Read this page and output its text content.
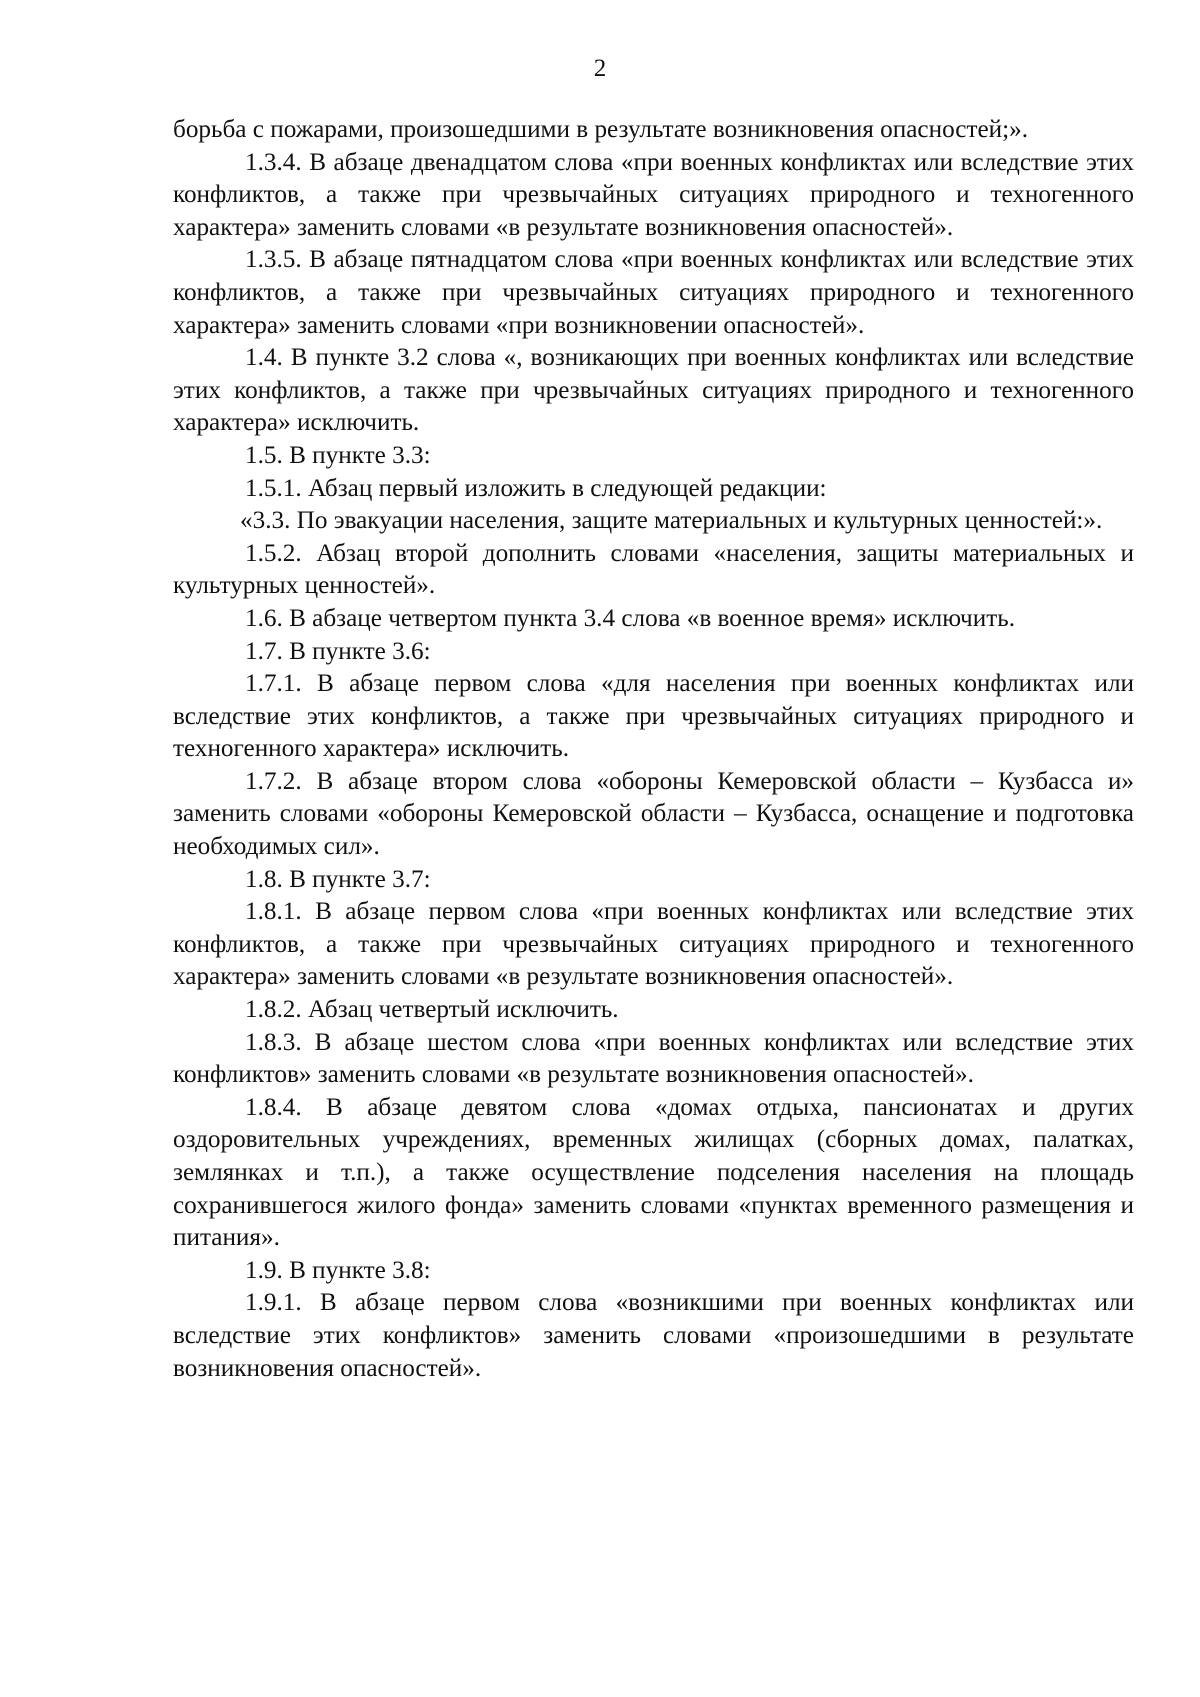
2

борьба с пожарами, произошедшими в результате возникновения опасностей;».

1.3.4. В абзаце двенадцатом слова «при военных конфликтах или вследствие этих конфликтов, а также при чрезвычайных ситуациях природного и техногенного характера» заменить словами «в результате возникновения опасностей».

1.3.5. В абзаце пятнадцатом слова «при военных конфликтах или вследствие этих конфликтов, а также при чрезвычайных ситуациях природного и техногенного характера» заменить словами «при возникновении опасностей».

1.4. В пункте 3.2 слова «, возникающих при военных конфликтах или вследствие этих конфликтов, а также при чрезвычайных ситуациях природного и техногенного характера» исключить.

1.5. В пункте 3.3:

1.5.1. Абзац первый изложить в следующей редакции:

«3.3. По эвакуации населения, защите материальных и культурных ценностей:».

1.5.2. Абзац второй дополнить словами «населения, защиты материальных и культурных ценностей».

1.6. В абзаце четвертом пункта 3.4 слова «в военное время» исключить.

1.7. В пункте 3.6:

1.7.1. В абзаце первом слова «для населения при военных конфликтах или вследствие этих конфликтов, а также при чрезвычайных ситуациях природного и техногенного характера» исключить.

1.7.2. В абзаце втором слова «обороны Кемеровской области – Кузбасса и» заменить словами «обороны Кемеровской области – Кузбасса, оснащение и подготовка необходимых сил».

1.8. В пункте 3.7:

1.8.1. В абзаце первом слова «при военных конфликтах или вследствие этих конфликтов, а также при чрезвычайных ситуациях природного и техногенного характера» заменить словами «в результате возникновения опасностей».

1.8.2. Абзац четвертый исключить.

1.8.3. В абзаце шестом слова «при военных конфликтах или вследствие этих конфликтов» заменить словами «в результате возникновения опасностей».

1.8.4. В абзаце девятом слова «домах отдыха, пансионатах и других оздоровительных учреждениях, временных жилищах (сборных домах, палатках, землянках и т.п.), а также осуществление подселения населения на площадь сохранившегося жилого фонда» заменить словами «пунктах временного размещения и питания».

1.9. В пункте 3.8:

1.9.1. В абзаце первом слова «возникшими при военных конфликтах или вследствие этих конфликтов» заменить словами «произошедшими в результате возникновения опасностей».
